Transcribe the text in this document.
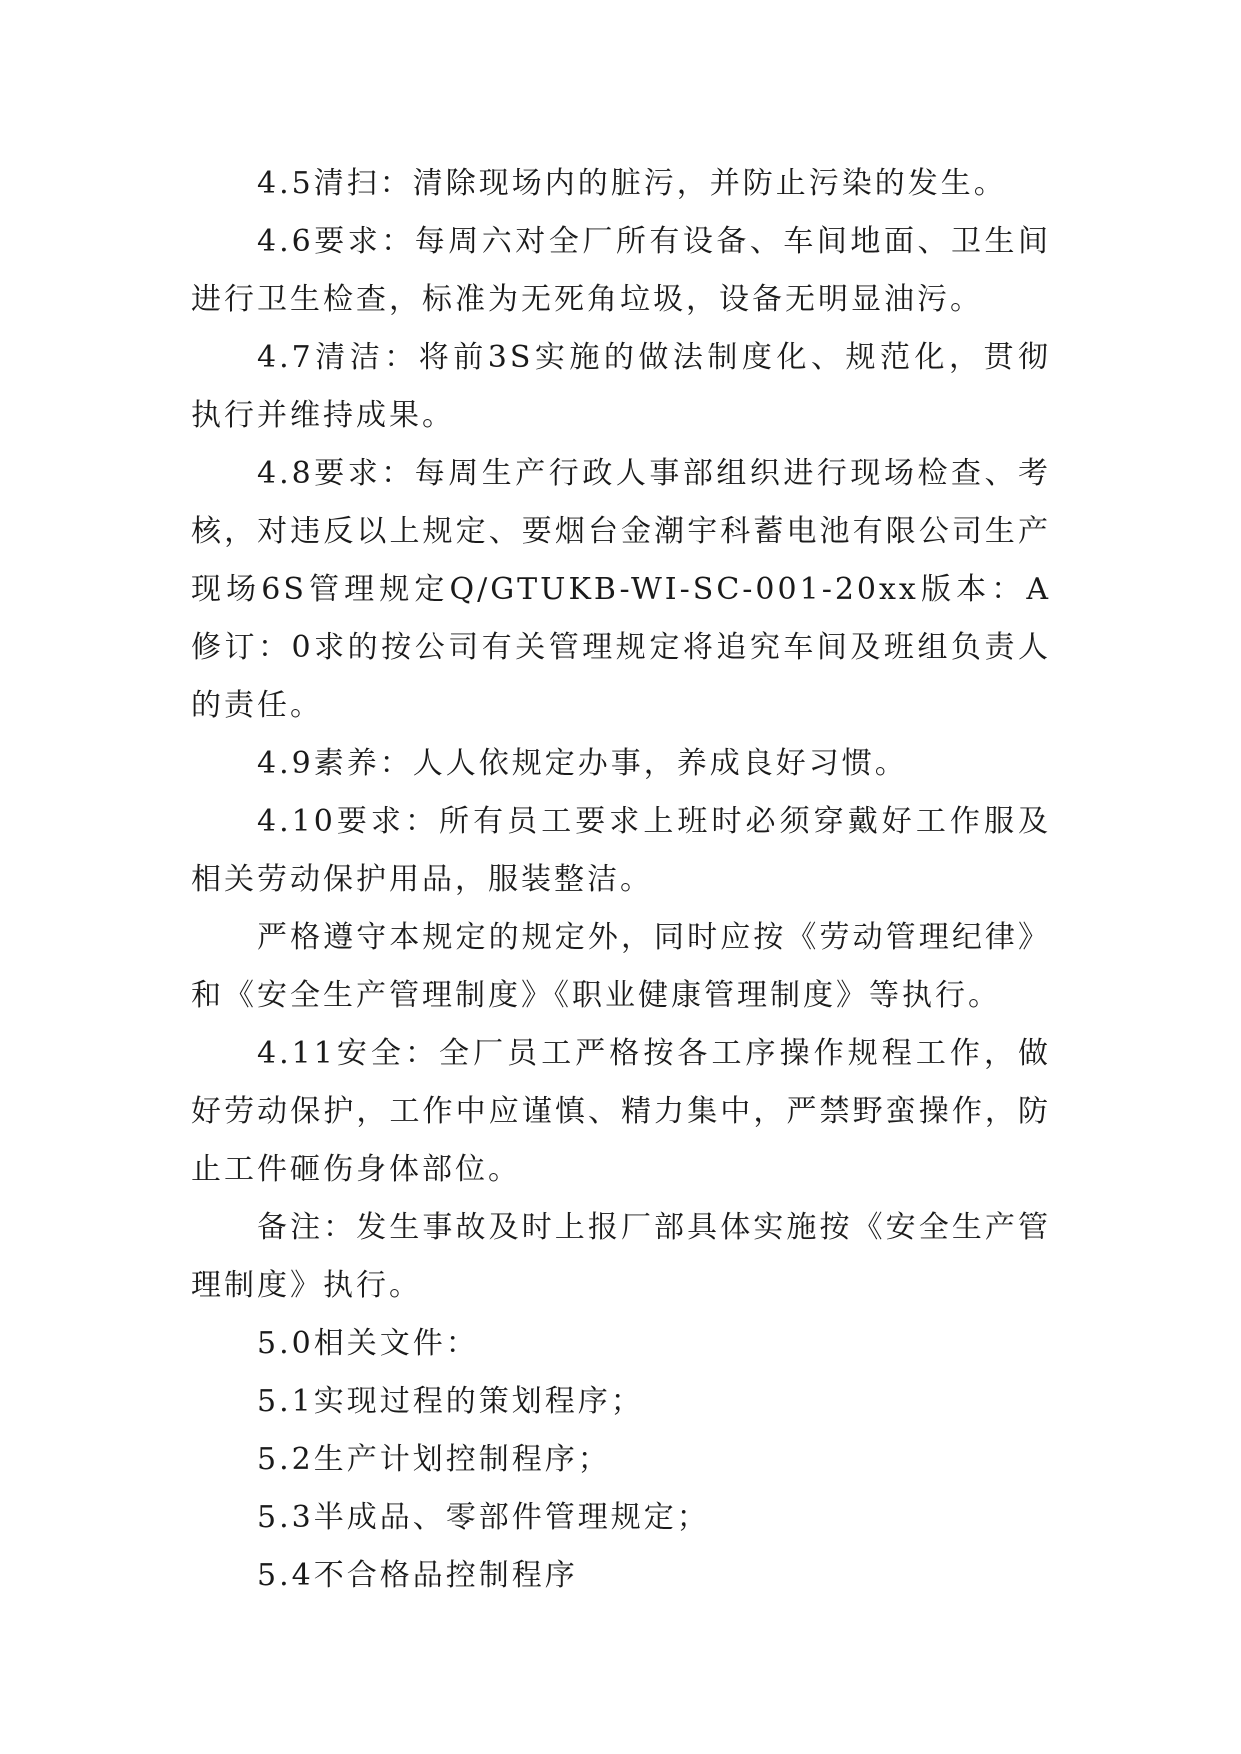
4.5清扫：清除现场内的脏污，并防止污染的发生。

4.6要求：每周六对全厂所有设备、车间地面、卫生间进行卫生检查，标准为无死角垃圾，设备无明显油污。

4.7清洁：将前3S实施的做法制度化、规范化，贯彻执行并维持成果。

4.8要求：每周生产行政人事部组织进行现场检查、考核，对违反以上规定、要烟台金潮宇科蓄电池有限公司生产现场6S管理规定Q/GTUKB-WI-SC-001-20xx版本：A修订：0求的按公司有关管理规定将追究车间及班组负责人的责任。

4.9素养：人人依规定办事，养成良好习惯。

4.10要求：所有员工要求上班时必须穿戴好工作服及相关劳动保护用品，服装整洁。

严格遵守本规定的规定外，同时应按《劳动管理纪律》和《安全生产管理制度》《职业健康管理制度》等执行。

4.11安全：全厂员工严格按各工序操作规程工作，做好劳动保护，工作中应谨慎、精力集中，严禁野蛮操作，防止工件砸伤身体部位。

备注：发生事故及时上报厂部具体实施按《安全生产管理制度》执行。

5.0相关文件：

5.1实现过程的策划程序；

5.2生产计划控制程序；

5.3半成品、零部件管理规定；

5.4不合格品控制程序
